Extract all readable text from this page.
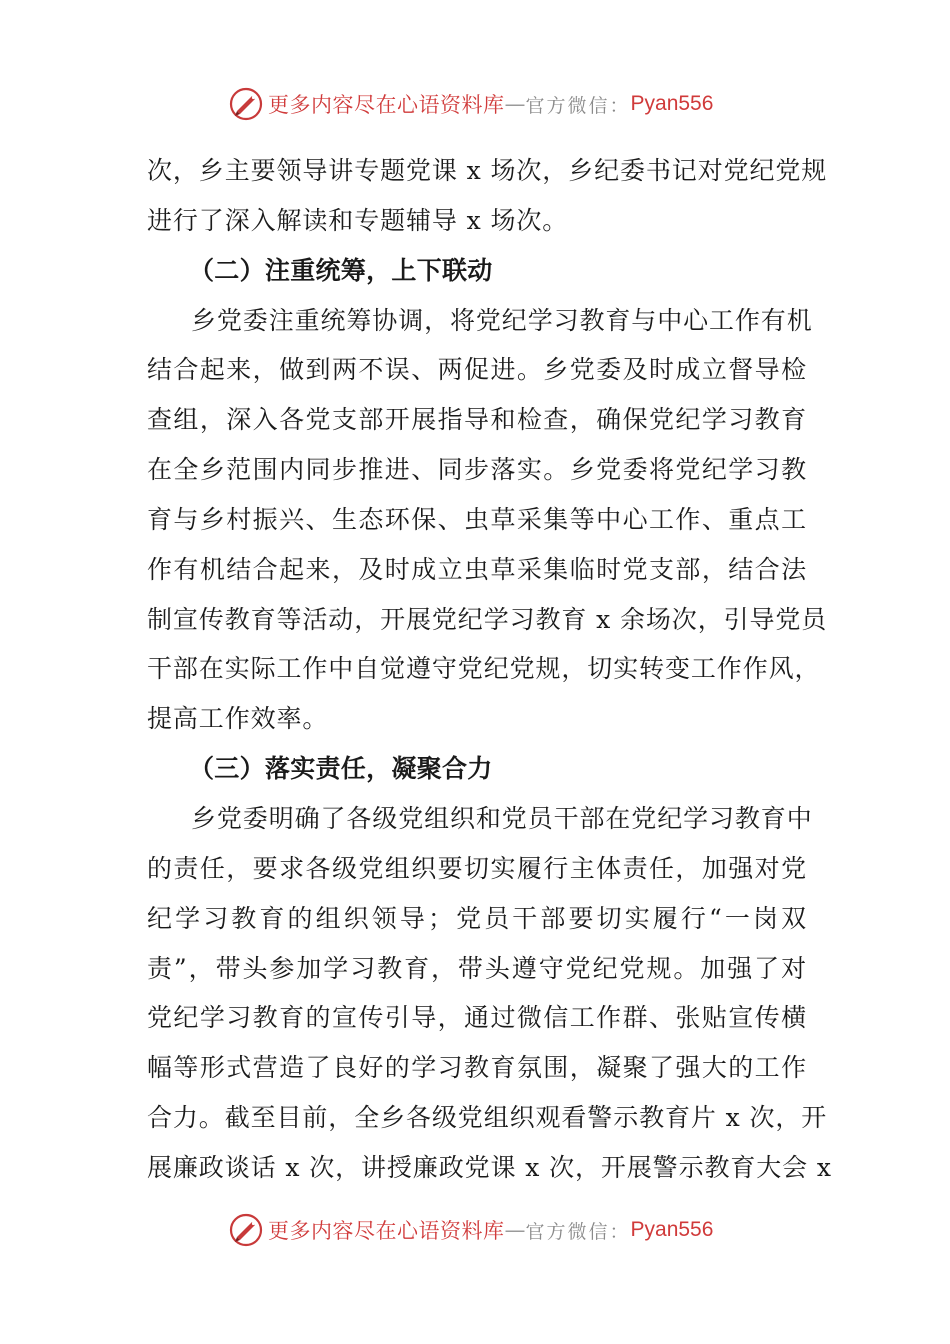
更多内容尽在心语资料库 — 官方微信： Pyan556
次，乡主要领导讲专题党课 x 场次，乡纪委书记对党纪党规
进行了深入解读和专题辅导 x 场次。
（二）注重统筹，上下联动
乡党委注重统筹协调，将党纪学习教育与中心工作有机
结合起来，做到两不误、两促进。乡党委及时成立督导检
查组，深入各党支部开展指导和检查，确保党纪学习教育
在全乡范围内同步推进、同步落实。乡党委将党纪学习教
育与乡村振兴、生态环保、虫草采集等中心工作、重点工
作有机结合起来，及时成立虫草采集临时党支部，结合法
制宣传教育等活动，开展党纪学习教育 x 余场次，引导党员
干部在实际工作中自觉遵守党纪党规，切实转变工作作风，
提高工作效率。
（三）落实责任，凝聚合力
乡党委明确了各级党组织和党员干部在党纪学习教育中
的责任，要求各级党组织要切实履行主体责任，加强对党
纪学习教育的组织领导；党员干部要切实履行“一岗双
责”，带头参加学习教育，带头遵守党纪党规。加强了对
党纪学习教育的宣传引导，通过微信工作群、张贴宣传横
幅等形式营造了良好的学习教育氛围，凝聚了强大的工作
合力。截至目前，全乡各级党组织观看警示教育片 x 次，开
展廉政谈话 x 次，讲授廉政党课 x 次，开展警示教育大会 x
更多内容尽在心语资料库 — 官方微信： Pyan556
